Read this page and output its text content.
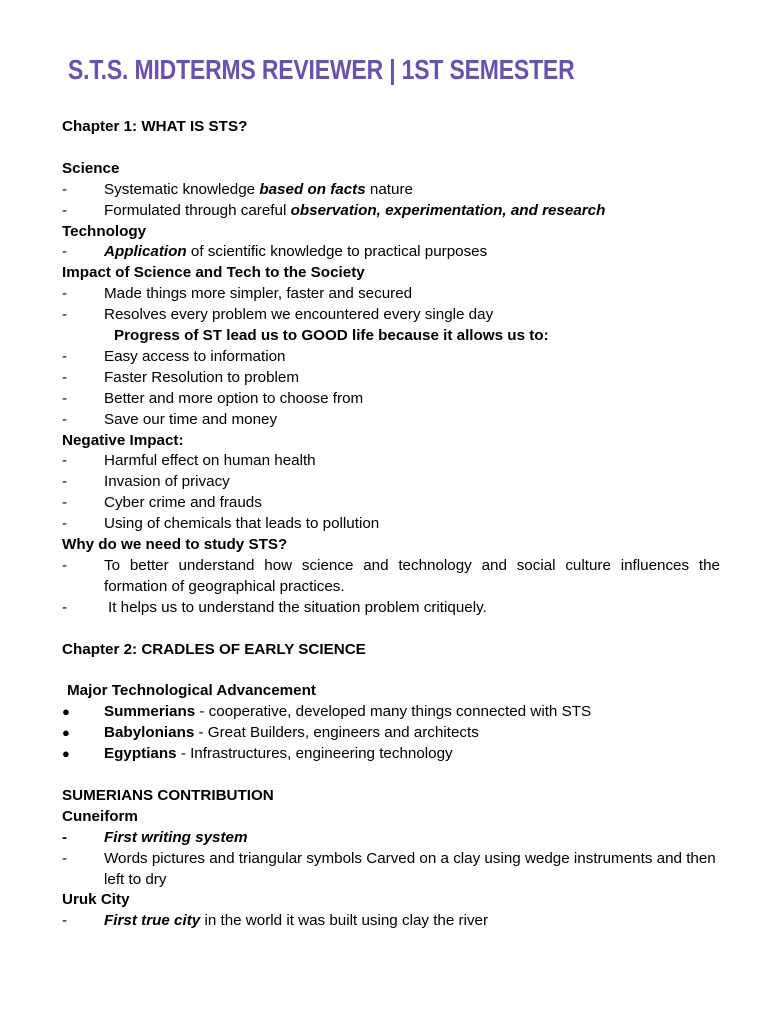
S.T.S. MIDTERMS REVIEWER | 1ST SEMESTER
Chapter 1: WHAT IS STS?
Science
-	Systematic knowledge based on facts nature
-	Formulated through careful observation, experimentation, and research
Technology
-	Application of scientific knowledge to practical purposes
Impact of Science and Tech to the Society
-	Made things more simpler, faster and secured
-	Resolves every problem we encountered every single day
Progress of ST lead us to GOOD life because it allows us to:
-	Easy access to information
-	Faster Resolution to problem
-	Better and more option to choose from
-	Save our time and money
Negative Impact:
-	Harmful effect on human health
-	Invasion of privacy
-	Cyber crime and frauds
-	Using of chemicals that leads to pollution
Why do we need to study STS?
-	To better understand how science and technology and social culture influences the formation of geographical practices.
-	It helps us to understand the situation problem critiquely.
Chapter 2: CRADLES OF EARLY SCIENCE
Major Technological Advancement
●	Summerians - cooperative, developed many things connected with STS
●	Babylonians - Great Builders, engineers and architects
●	Egyptians - Infrastructures, engineering technology
SUMERIANS CONTRIBUTION
Cuneiform
-	First writing system
-	Words pictures and triangular symbols Carved on a clay using wedge instruments and then left to dry
Uruk City
-	First true city in the world it was built using clay the river
